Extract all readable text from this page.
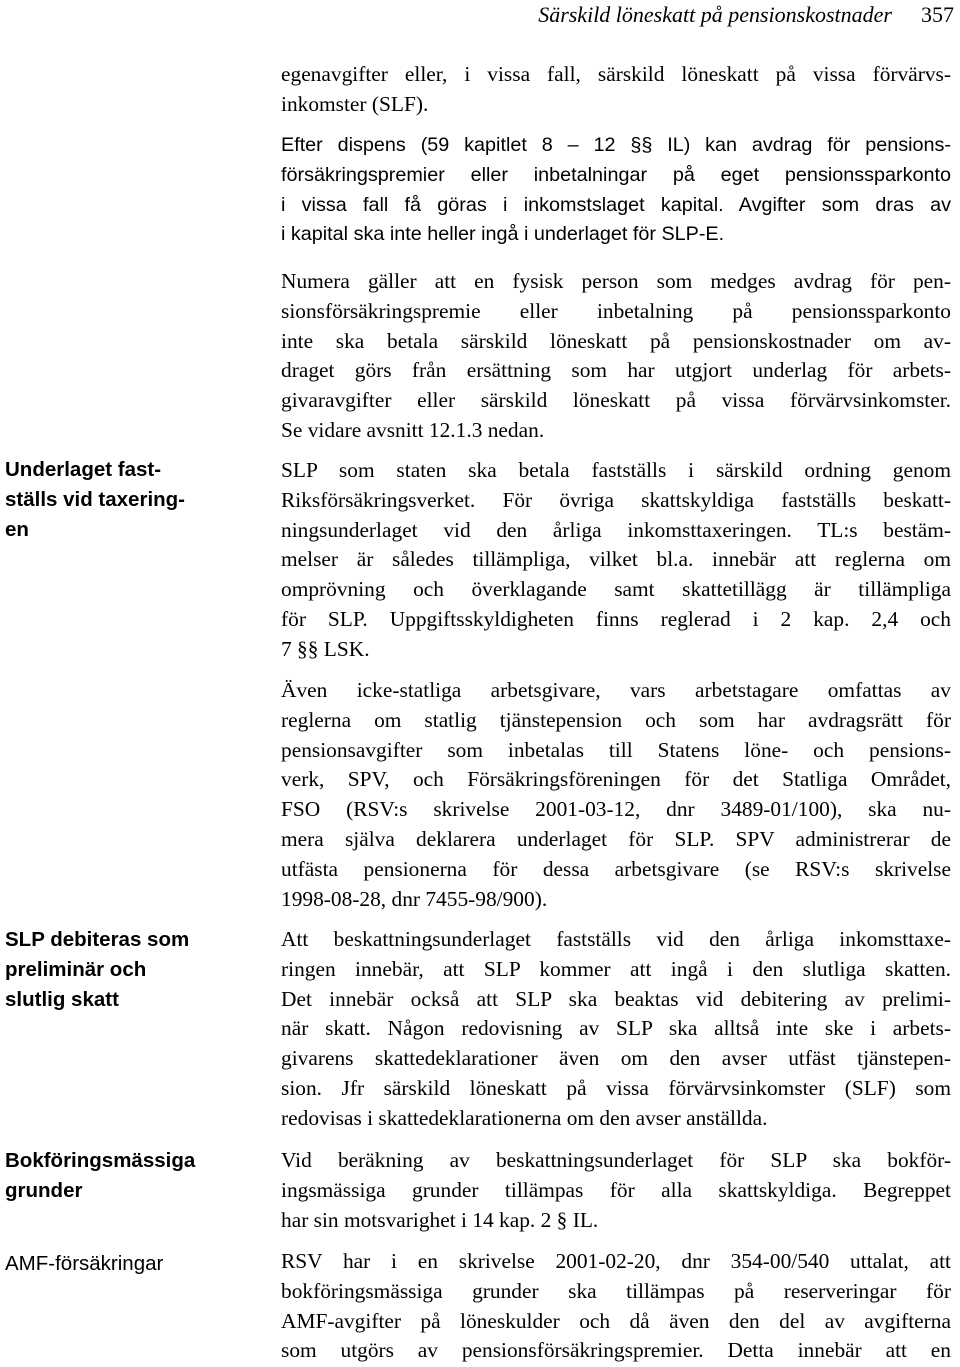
Särskild löneskatt på pensionskostnader 357
Underlaget fast-
ställs vid taxering-
en
SLP debiteras som
preliminär och
slutlig skatt
Bokföringsmässiga
grunder
AMF-försäkringar
egenavgifter eller, i vissa fall, särskild löneskatt på vissa förvärvs-
inkomster (SLF).
Efter dispens (59 kapitlet 8 – 12 §§ IL) kan avdrag för pensions-
försäkringspremier eller inbetalningar på eget pensionssparkonto
i vissa fall få göras i inkomstslaget kapital. Avgifter som dras av
i kapital ska inte heller ingå i underlaget för SLP-E.
Numera gäller att en fysisk person som medges avdrag för pen-
sionsförsäkringspremie eller inbetalning på pensionssparkonto
inte ska betala särskild löneskatt på pensionskostnader om av-
draget görs från ersättning som har utgjort underlag för arbets-
givaravgifter eller särskild löneskatt på vissa förvärvsinkomster.
Se vidare avsnitt 12.1.3 nedan.
SLP som staten ska betala fastställs i särskild ordning genom
Riksförsäkringsverket. För övriga skattskyldiga fastställs beskatt-
ningsunderlaget vid den årliga inkomsttaxeringen. TL:s bestäm-
melser är således tillämpliga, vilket bl.a. innebär att reglerna om
omprövning och överklagande samt skattetillägg är tillämpliga
för SLP. Uppgiftsskyldigheten finns reglerad i 2 kap. 2,4 och
7 §§ LSK.
Även icke-statliga arbetsgivare, vars arbetstagare omfattas av
reglerna om statlig tjänstepension och som har avdragsrätt för
pensionsavgifter som inbetalas till Statens löne- och pensions-
verk, SPV, och Försäkringsföreningen för det Statliga Området,
FSO (RSV:s skrivelse 2001-03-12, dnr 3489-01/100), ska nu-
mera själva deklarera underlaget för SLP. SPV administrerar de
utfästa pensionerna för dessa arbetsgivare (se RSV:s skrivelse
1998-08-28, dnr 7455-98/900).
Att beskattningsunderlaget fastställs vid den årliga inkomsttaxe-
ringen innebär, att SLP kommer att ingå i den slutliga skatten.
Det innebär också att SLP ska beaktas vid debitering av prelimi-
när skatt. Någon redovisning av SLP ska alltså inte ske i arbets-
givarens skattedeklarationer även om den avser utfäst tjänstepen-
sion. Jfr särskild löneskatt på vissa förvärvsinkomster (SLF) som
redovisas i skattedeklarationerna om den avser anställda.
Vid beräkning av beskattningsunderlaget för SLP ska bokför-
ingsmässiga grunder tillämpas för alla skattskyldiga. Begreppet
har sin motsvarighet i 14 kap. 2 § IL.
RSV har i en skrivelse 2001-02-20, dnr 354-00/540 uttalat, att
bokföringsmässiga grunder ska tillämpas på reserveringar för
AMF-avgifter på löneskulder och då även den del av avgifterna
som utgörs av pensionsförsäkringspremier. Detta innebär att en
